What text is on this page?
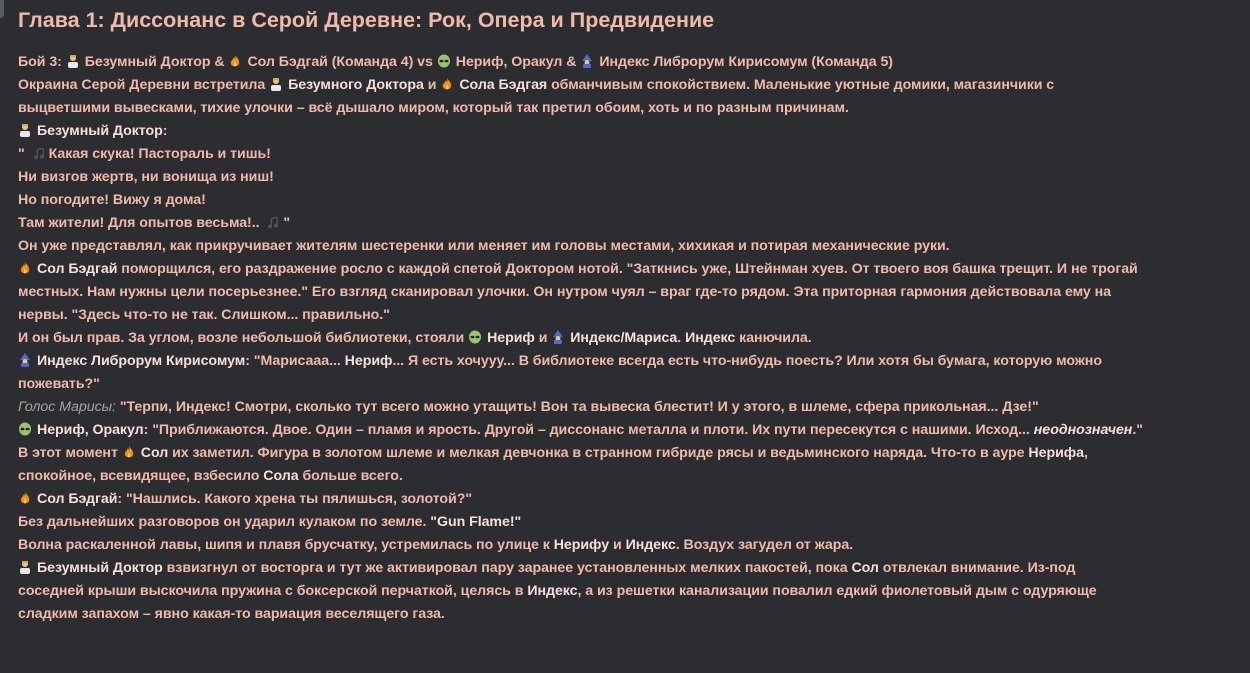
Глава 1: Диссонанс в Серой Деревне: Рок, Опера и Предвидение

Бой 3: Безумный Доктор & Сол Бэдгай (Команда 4) vs Нериф, Оракул & Индекс Либрорум Кирисомум (Команда 5)

Окраина Серой Деревни встретила Безумного Доктора и Сола Бэдгая обманчивым спокойствием. Маленькие уютные домики, магазинчики с

выцветшими вывесками, тихие улочки – всё дышало миром, который так претил обоим, хоть и по разным причинам.

Безумный Доктор:

" Какая скука! Пастораль и тишь!

Ни визгов жертв, ни вонища из ниш!

Но погодите! Вижу я дома!

Там жители! Для опытов весьма!.. "

Он уже представлял, как прикручивает жителям шестеренки или меняет им головы местами, хихикая и потирая механические руки.

Сол Бэдгай поморщился, его раздражение росло с каждой спетой Доктором нотой. "Заткнись уже, Штейнман хуев. От твоего воя башка трещит. И не трогай

местных. Нам нужны цели посерьезнее." Его взгляд сканировал улочки. Он нутром чуял – враг где-то рядом. Эта приторная гармония действовала ему на

нервы. "Здесь что-то не так. Слишком... правильно."

И он был прав. За углом, возле небольшой библиотеки, стояли Нериф и Индекс/Мариса. Индекс канючила.

Индекс Либрорум Кирисомум: "Марисааа... Нериф... Я есть хочууу... В библиотеке всегда есть что-нибудь поесть? Или хотя бы бумага, которую можно

пожевать?"

Голос Марисы: "Терпи, Индекс! Смотри, сколько тут всего можно утащить! Вон та вывеска блестит! И у этого, в шлеме, сфера прикольная... Дзе!"

Нериф, Оракул: "Приближаются. Двое. Один – пламя и ярость. Другой – диссонанс металла и плоти. Их пути пересекутся с нашими. Исход... неоднозначен."

В этот момент Сол их заметил. Фигура в золотом шлеме и мелкая девчонка в странном гибриде рясы и ведьминского наряда. Что-то в ауре Нерифа,

спокойное, всевидящее, взбесило Сола больше всего.

Сол Бэдгай: "Нашлись. Какого хрена ты пялишься, золотой?"

Без дальнейших разговоров он ударил кулаком по земле. "Gun Flame!"

Волна раскаленной лавы, шипя и плавя брусчатку, устремилась по улице к Нерифу и Индекс. Воздух загудел от жара.

Безумный Доктор взвизгнул от восторга и тут же активировал пару заранее установленных мелких пакостей, пока Сол отвлекал внимание. Из-под

соседней крыши выскочила пружина с боксерской перчаткой, целясь в Индекс, а из решетки канализации повалил едкий фиолетовый дым с одуряюще

сладким запахом – явно какая-то вариация веселящего газа.
